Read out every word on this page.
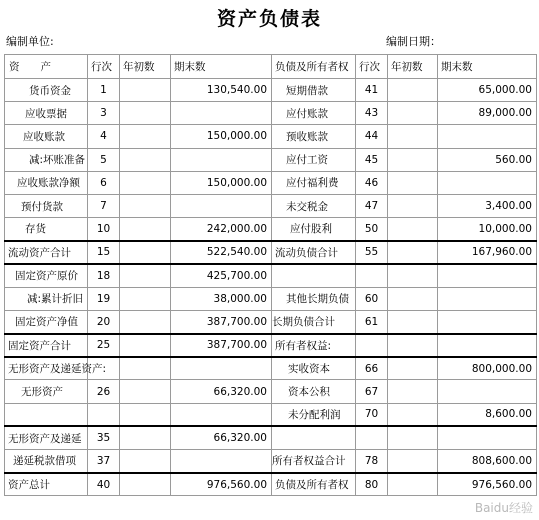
资产负债表
编制单位:	编制日期：
资　　产	行次	年初数	期末数	负债及所有者权	行次	年初数	期末数
货币资金	1		130,540.00	短期借款	41		65,000.00
应收票据	3			应付账款	43		89,000.00
应收账款	4		150,000.00	预收账款	44		
减:坏账准备	5			应付工资	45		560.00
应收账款净额	6		150,000.00	应付福利费	46		
预付货款	7			未交税金	47		3,400.00
存货	10		242,000.00	应付股利	50		10,000.00
流动资产合计	15		522,540.00	流动负债合计	55		167,960.00
固定资产原价	18		425,700.00				
减:累计折旧	19		38,000.00	其他长期负债	60		
固定资产净值	20		387,700.00	长期负债合计	61		
固定资产合计	25		387,700.00	所有者权益:			
无形资产及递延资产:				实收资本	66		800,000.00
无形资产	26		66,320.00	资本公积	67		
				未分配利润	70		8,600.00
无形资产及递延	35		66,320.00				
递延税款借项	37			所有者权益合计	78		808,600.00
资产总计	40		976,560.00	负债及所有者权	80		976,560.00
Baidu经验
